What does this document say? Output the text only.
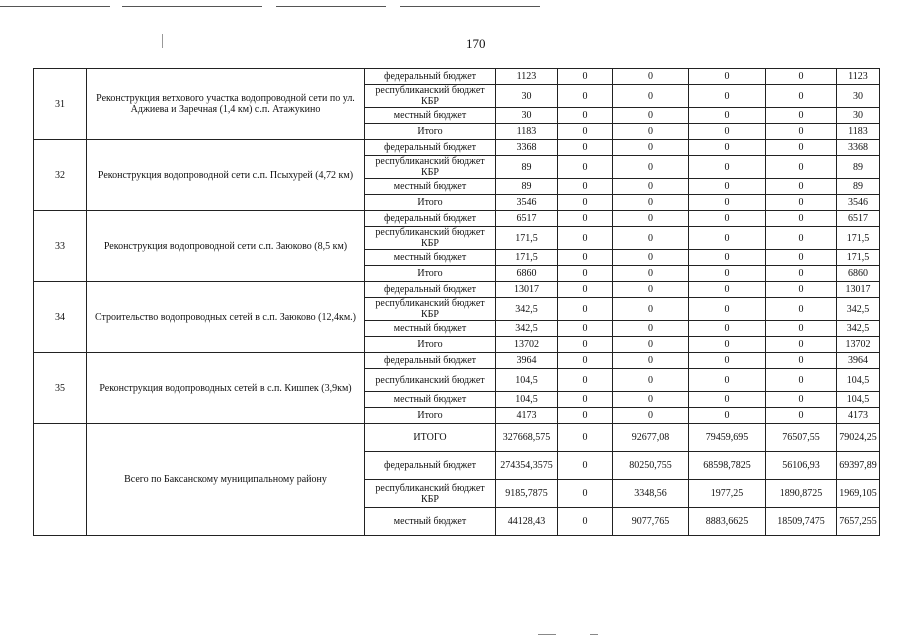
170
31	Реконструкция ветхового участка водопроводной сети по ул. Аджиева и Заречная (1,4 км) с.п. Атажукино	федеральный бюджет	1123	0	0	0	0	1123
		республиканский бюджет КБР	30	0	0	0	0	30
		местный бюджет	30	0	0	0	0	30
		Итого	1183	0	0	0	0	1183
32	Реконструкция водопроводной сети с.п. Псыхурей (4,72 км)	федеральный бюджет	3368	0	0	0	0	3368
		республиканский бюджет КБР	89	0	0	0	0	89
		местный бюджет	89	0	0	0	0	89
		Итого	3546	0	0	0	0	3546
33	Реконструкция водопроводной сети с.п. Заюково (8,5 км)	федеральный бюджет	6517	0	0	0	0	6517
		республиканский бюджет КБР	171,5	0	0	0	0	171,5
		местный бюджет	171,5	0	0	0	0	171,5
		Итого	6860	0	0	0	0	6860
34	Строительство водопроводных сетей в с.п. Заюково (12,4км.)	федеральный бюджет	13017	0	0	0	0	13017
		республиканский бюджет КБР	342,5	0	0	0	0	342,5
		местный бюджет	342,5	0	0	0	0	342,5
		Итого	13702	0	0	0	0	13702
35	Реконструкция водопроводных сетей в с.п. Кишпек (3,9км)	федеральный бюджет	3964	0	0	0	0	3964
		республиканский бюджет	104,5	0	0	0	0	104,5
		местный бюджет	104,5	0	0	0	0	104,5
		Итого	4173	0	0	0	0	4173
	Всего по Баксанскому муниципальному району	ИТОГО	327668,575	0	92677,08	79459,695	76507,55	79024,25
		федеральный бюджет	274354,3575	0	80250,755	68598,7825	56106,93	69397,89
		республиканский бюджет КБР	9185,7875	0	3348,56	1977,25	1890,8725	1969,105
		местный бюджет	44128,43	0	9077,765	8883,6625	18509,7475	7657,255
